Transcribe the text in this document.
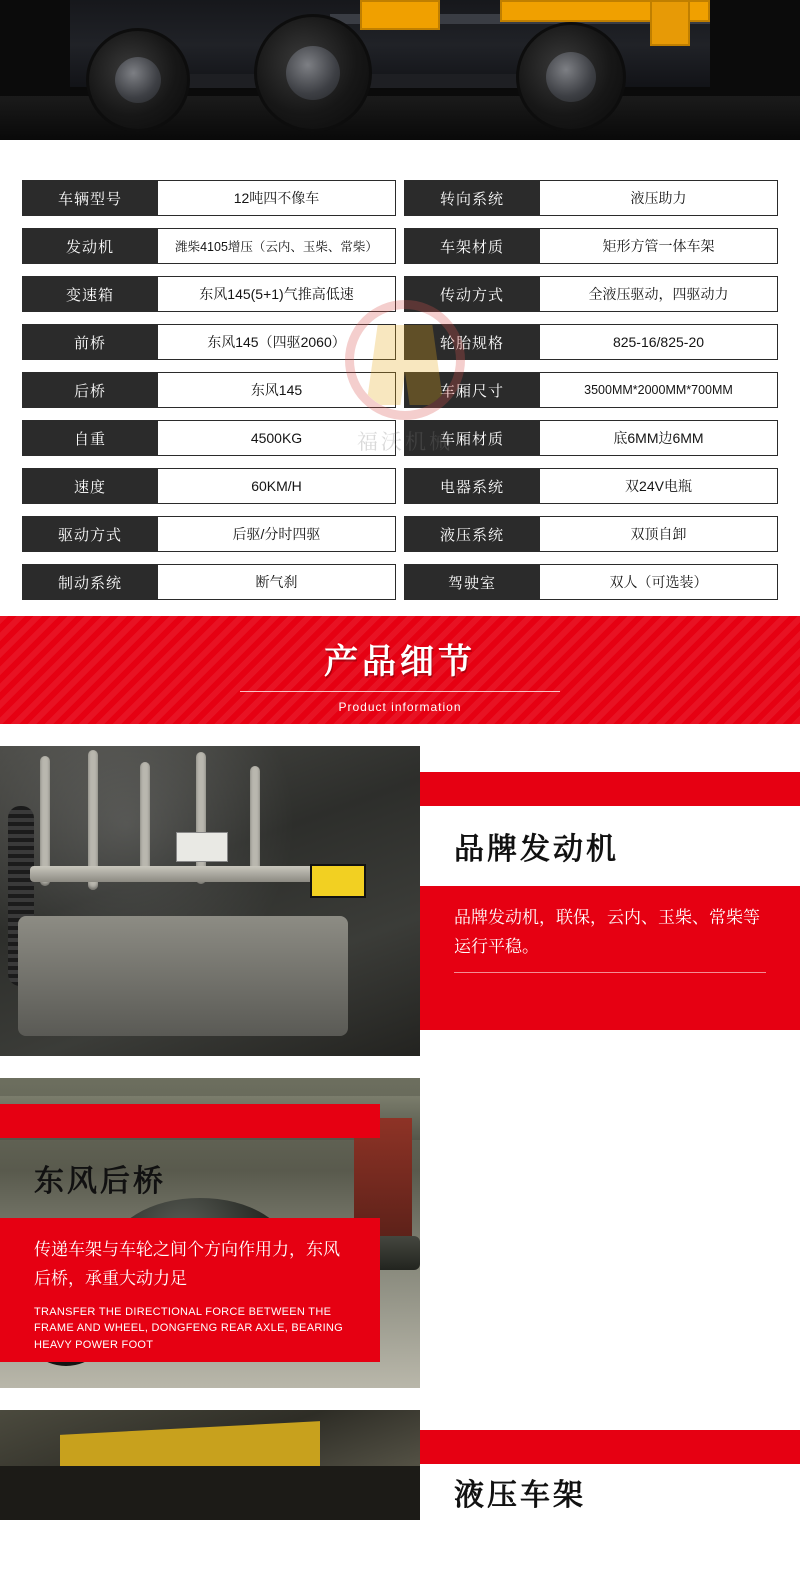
车辆型号	12吨四不像车	转向系统	液压助力
发动机	潍柴4105增压（云内、玉柴、常柴）	车架材质	矩形方管一体车架
变速箱	东风145(5+1)气推高低速	传动方式	全液压驱动，四驱动力
前桥	东风145（四驱2060）	轮胎规格	825-16/825-20
后桥	东风145	车厢尺寸	3500MM*2000MM*700MM
自重	4500KG	车厢材质	底6MM边6MM
速度	60KM/H	电器系统	双24V电瓶
驱动方式	后驱/分时四驱	液压系统	双顶自卸
制动系统	断气刹	驾驶室	双人（可选装）
福沃机械
产品细节
Product information
品牌发动机
品牌发动机，联保，云内、玉柴、常柴等运行平稳。
东风后桥
传递车架与车轮之间个方向作用力，东风后桥，承重大动力足
TRANSFER THE DIRECTIONAL FORCE BETWEEN THE FRAME AND WHEEL, DONGFENG REAR AXLE, BEARING HEAVY POWER FOOT
液压车架
